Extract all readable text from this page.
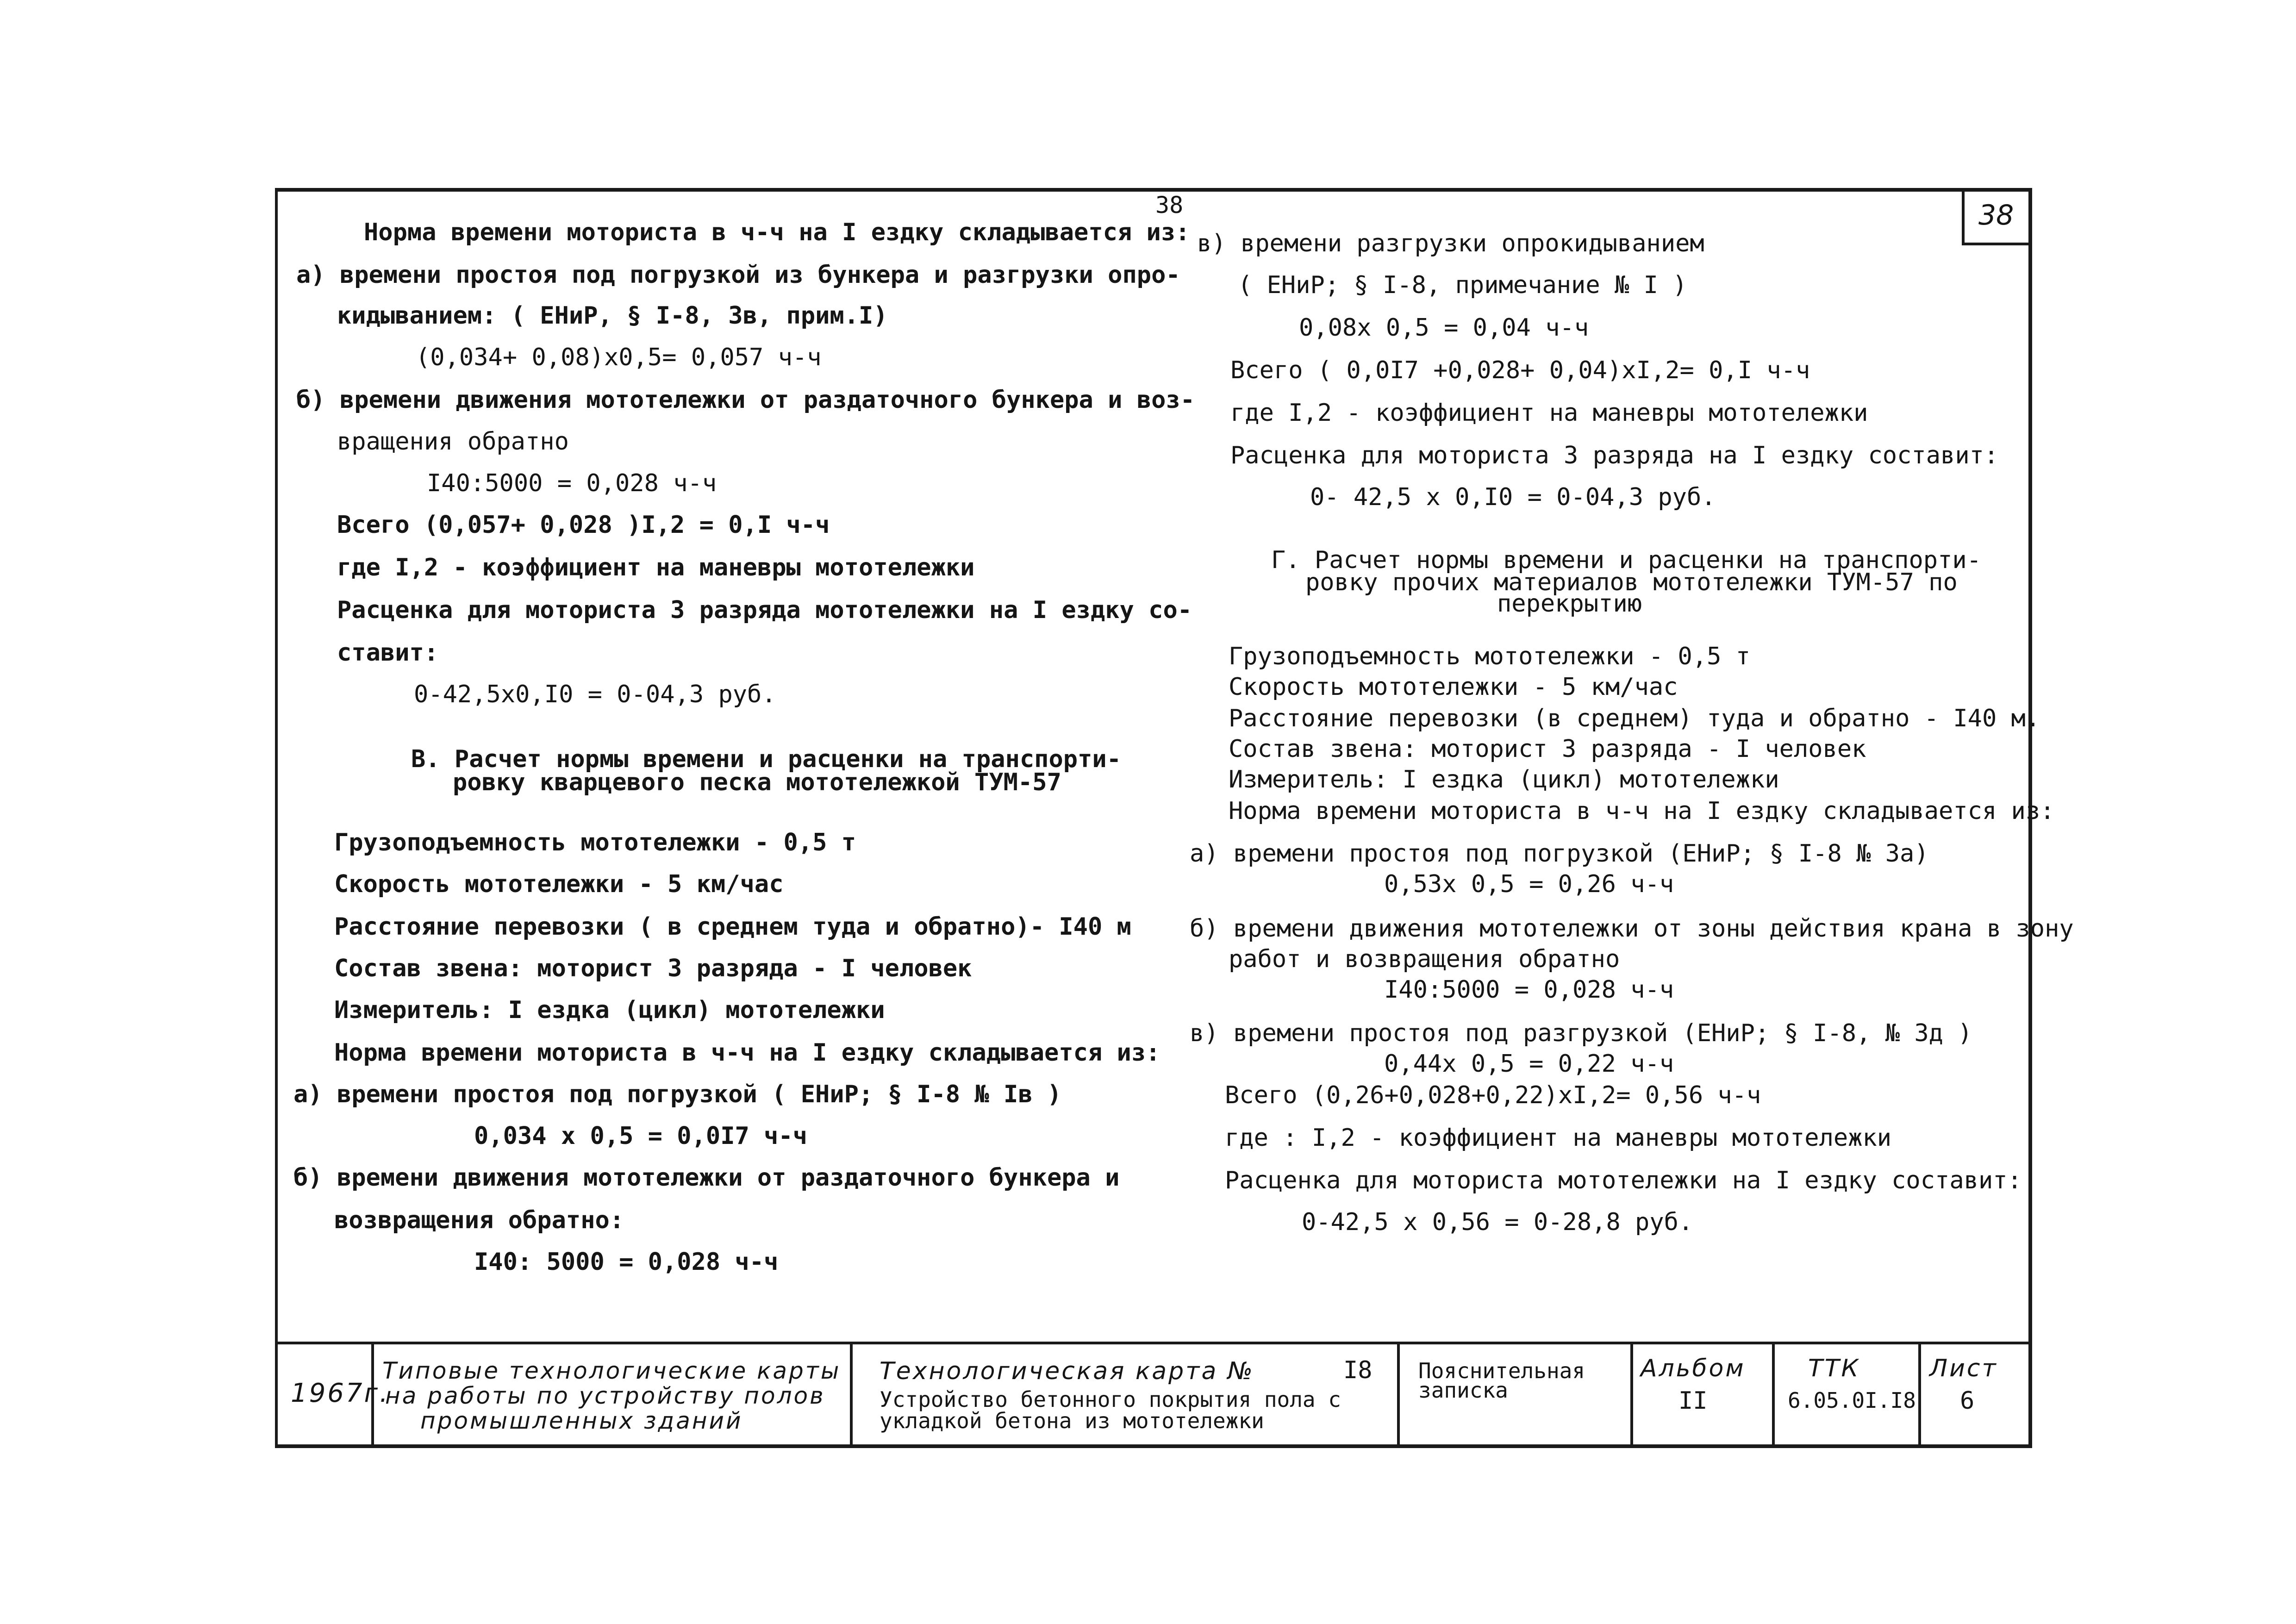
38	38
Норма времени моториста в ч-ч на I ездку складывается из:
а) времени простоя под погрузкой из бункера и разгрузки опро-
кидыванием: ( ЕНиР, § I-8, 3в, прим.I)
(0,034+ 0,08)х0,5= 0,057 ч-ч
б) времени движения мототележки от раздаточного бункера и воз-
вращения обратно
I40:5000 = 0,028 ч-ч
Всего (0,057+ 0,028 )I,2 = 0,I ч-ч
где I,2 - коэффициент на маневры мототележки
Расценка для моториста 3 разряда мототележки на I ездку со-
ставит:
0-42,5х0,I0 = 0-04,3 руб.
В. Расчет нормы времени и расценки на транспорти-
ровку кварцевого песка мототележкой ТУМ-57
Грузоподъемность мототележки - 0,5 т
Скорость мототележки - 5 км/час
Расстояние перевозки ( в среднем туда и обратно)- I40 м
Состав звена: моторист 3 разряда - I человек
Измеритель: I ездка (цикл) мототележки
Норма времени моториста в ч-ч на I ездку складывается из:
а) времени простоя под погрузкой ( ЕНиР; § I-8 № Iв )
0,034 х 0,5 = 0,0I7 ч-ч
б) времени движения мототележки от раздаточного бункера и
возвращения обратно:
I40: 5000 = 0,028 ч-ч
в) времени разгрузки опрокидыванием
( ЕНиР; § I-8, примечание № I )
0,08х 0,5 = 0,04 ч-ч
Всего ( 0,0I7 +0,028+ 0,04)хI,2= 0,I ч-ч
где I,2 - коэффициент на маневры мототележки
Расценка для моториста 3 разряда на I ездку составит:
0- 42,5 х 0,I0 = 0-04,3 руб.
Г. Расчет нормы времени и расценки на транспорти-
ровку прочих материалов мототележки ТУМ-57 по
перекрытию
Грузоподъемность мототележки - 0,5 т
Скорость мототележки - 5 км/час
Расстояние перевозки (в среднем) туда и обратно - I40 м.
Состав звена: моторист 3 разряда - I человек
Измеритель: I ездка (цикл) мототележки
Норма времени моториста в ч-ч на I ездку складывается из:
а) времени простоя под погрузкой (ЕНиР; § I-8 № 3а)
0,53х 0,5 = 0,26 ч-ч
б) времени движения мототележки от зоны действия крана в зону
работ и возвращения обратно
I40:5000 = 0,028 ч-ч
в) времени простоя под разгрузкой (ЕНиР; § I-8, № 3д )
0,44х 0,5 = 0,22 ч-ч
Всего (0,26+0,028+0,22)хI,2= 0,56 ч-ч
где : I,2 - коэффициент на маневры мототележки
Расценка для моториста мототележки на I ездку составит:
0-42,5 х 0,56 = 0-28,8 руб.
1967г.
Типовые технологические карты
на работы по устройству полов
промышленных зданий
Технологическая карта №	I8
Устройство бетонного покрытия пола с
укладкой бетона из мототележки
Пояснительная
записка
Альбом
II
ТТК
6.05.0I.I8
Лист
6
